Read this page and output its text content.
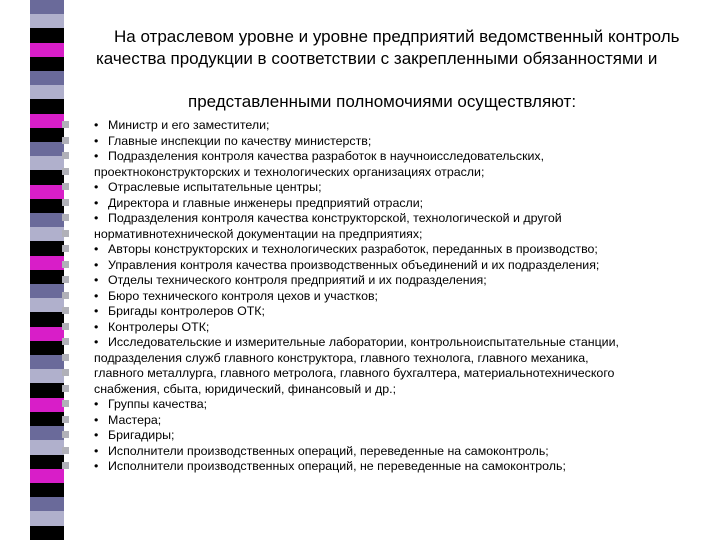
На отраслевом уровне и уровне предприятий ведомственный контроль
качества продукции в соответствии с закрепленными обязанностями и
представленными полномочиями осуществляют:
• Министр и его заместители;
• Главные инспекции по качеству министерств;
• Подразделения контроля качества разработок в научноисследовательских,
проектноконструкторских и технологических организациях отрасли;
• Отраслевые испытательные центры;
• Директора и главные инженеры предприятий отрасли;
• Подразделения контроля качества конструкторской, технологической и другой
нормативнотехнической документации на предприятиях;
• Авторы конструкторских и технологических разработок, переданных в производство;
• Управления контроля качества производственных объединений и их подразделения;
• Отделы технического контроля предприятий и их подразделения;
• Бюро технического контроля цехов и участков;
• Бригады контролеров ОТК;
• Контролеры ОТК;
• Исследовательские и измерительные лаборатории, контрольноиспытательные станции,
подразделения служб главного конструктора, главного технолога, главного механика,
главного металлурга, главного метролога, главного бухгалтера, материальнотехнического
снабжения, сбыта, юридический, финансовый и др.;
• Группы качества;
• Мастера;
• Бригадиры;
• Исполнители производственных операций, переведенные на самоконтроль;
• Исполнители производственных операций, не переведенные на самоконтроль;
